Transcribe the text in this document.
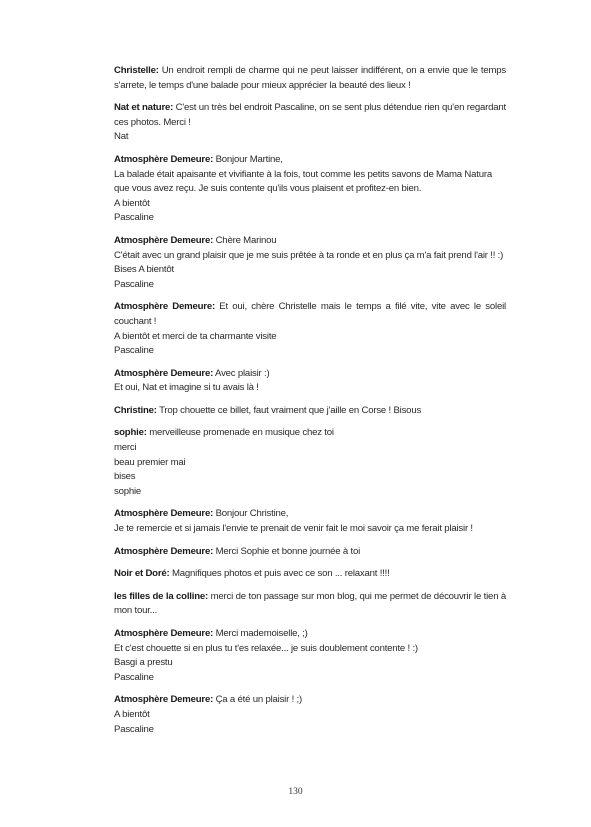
Christelle: Un endroit rempli de charme qui ne peut laisser indifférent, on a envie que le temps s'arrete, le temps d'une balade pour mieux apprécier la beauté des lieux !

Nat et nature: C'est un très bel endroit Pascaline, on se sent plus détendue rien qu'en regardant ces photos. Merci !

Nat

Atmosphère Demeure: Bonjour Martine,

La balade était apaisante et vivifiante à la fois, tout comme les petits savons de Mama Natura que vous avez reçu. Je suis contente qu'ils vous plaisent et profitez-en bien.

A bientôt

Pascaline

Atmosphère Demeure: Chère Marinou

C'était avec un grand plaisir que je me suis prêtée à ta ronde et en plus ça m'a fait prend l'air !! :)

Bises A bientôt

Pascaline

Atmosphère Demeure: Et oui, chère Christelle mais le temps a filé vite, vite avec le soleil couchant !

A bientôt et merci de ta charmante visite

Pascaline

Atmosphère Demeure: Avec plaisir :)

Et oui, Nat et imagine si tu avais là !

Christine: Trop chouette ce billet, faut vraiment que j'aille en Corse ! Bisous

sophie: merveilleuse promenade en musique chez toi

merci

beau premier mai

bises

sophie

Atmosphère Demeure: Bonjour Christine,

Je te remercie et si jamais l'envie te prenait de venir fait le moi savoir ça me ferait plaisir !

Atmosphère Demeure: Merci Sophie et bonne journée à toi

Noir et Doré: Magnifiques photos et puis avec ce son ... relaxant !!!!

les filles de la colline: merci de ton passage sur mon blog, qui me permet de découvrir le tien à mon tour...

Atmosphère Demeure: Merci mademoiselle, ;)

Et c'est chouette si en plus tu t'es relaxée... je suis doublement contente ! :)

Basgi a prestu

Pascaline

Atmosphère Demeure: Ça a été un plaisir ! ;)

A bientôt

Pascaline

130
